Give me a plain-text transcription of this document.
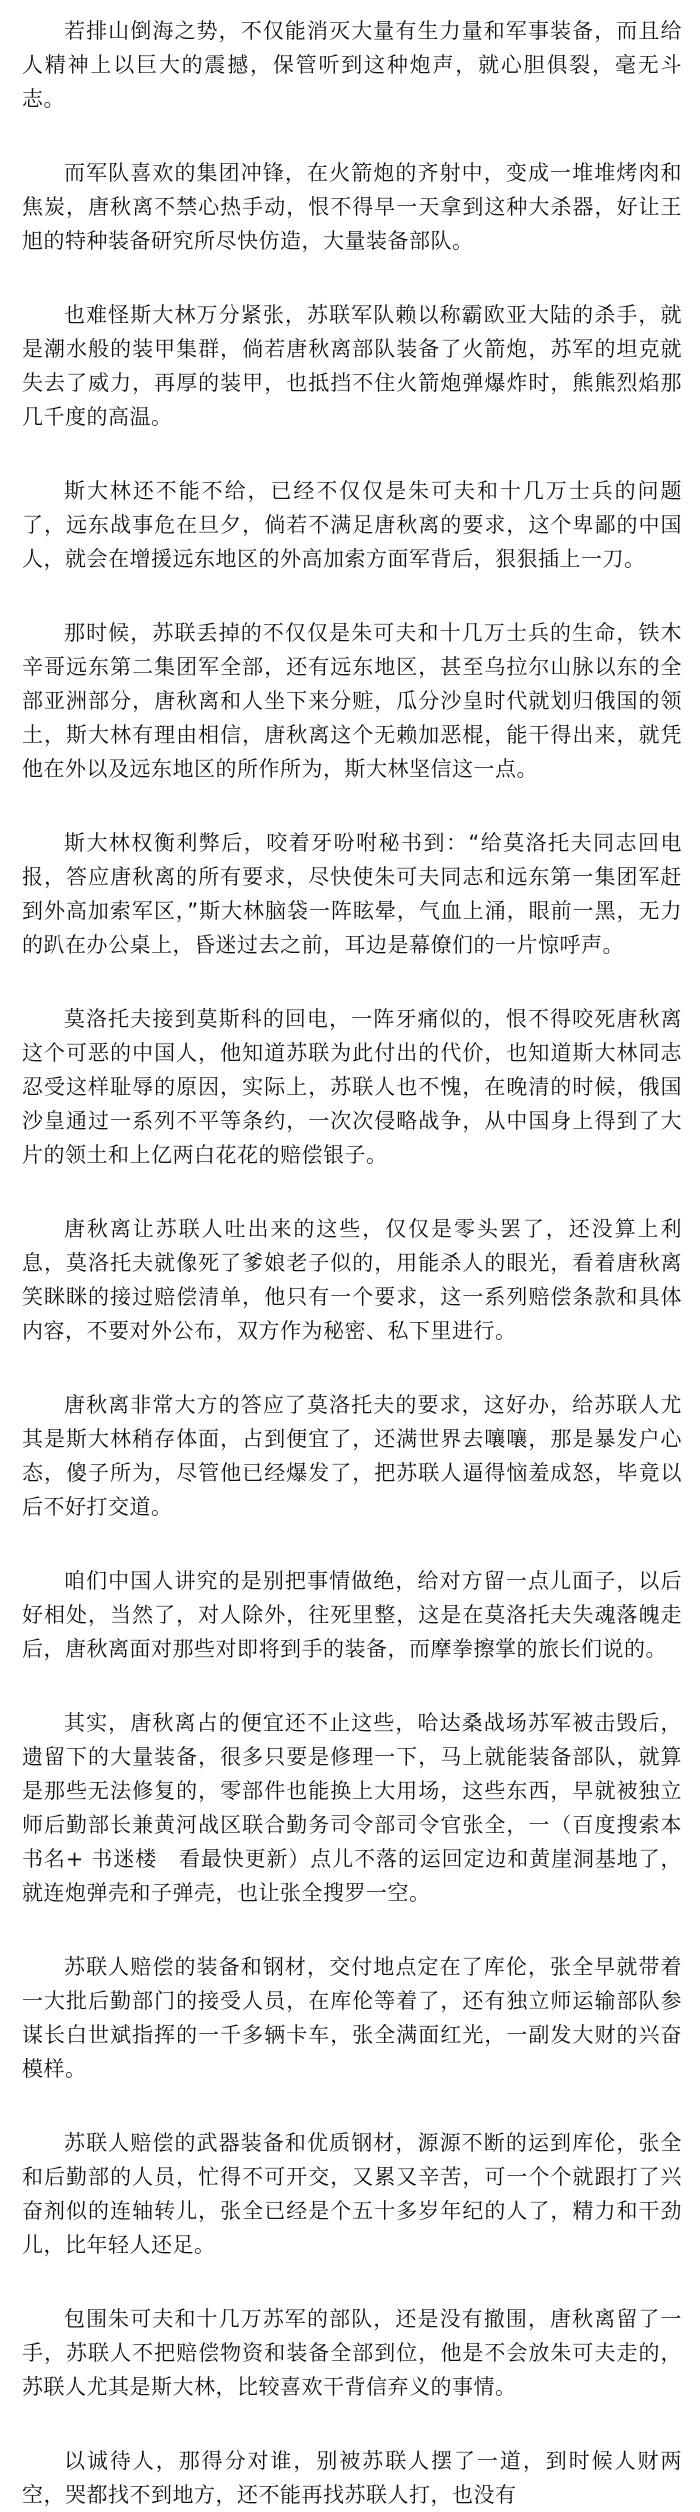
若排山倒海之势，不仅能消灭大量有生力量和军事装备，而且给人精神上以巨大的震撼，保管听到这种炮声，就心胆俱裂，毫无斗志。

而军队喜欢的集团冲锋，在火箭炮的齐射中，变成一堆堆烤肉和焦炭，唐秋离不禁心热手动，恨不得早一天拿到这种大杀器，好让王旭的特种装备研究所尽快仿造，大量装备部队。

也难怪斯大林万分紧张，苏联军队赖以称霸欧亚大陆的杀手，就是潮水般的装甲集群，倘若唐秋离部队装备了火箭炮，苏军的坦克就失去了威力，再厚的装甲，也抵挡不住火箭炮弹爆炸时，熊熊烈焰那几千度的高温。

斯大林还不能不给，已经不仅仅是朱可夫和十几万士兵的问题了，远东战事危在旦夕，倘若不满足唐秋离的要求，这个卑鄙的中国人，就会在增援远东地区的外高加索方面军背后，狠狠插上一刀。

那时候，苏联丢掉的不仅仅是朱可夫和十几万士兵的生命，铁木辛哥远东第二集团军全部，还有远东地区，甚至乌拉尔山脉以东的全部亚洲部分，唐秋离和人坐下来分赃，瓜分沙皇时代就划归俄国的领土，斯大林有理由相信，唐秋离这个无赖加恶棍，能干得出来，就凭他在外以及远东地区的所作所为，斯大林坚信这一点。

斯大林权衡利弊后，咬着牙吩咐秘书到：“给莫洛托夫同志回电报，答应唐秋离的所有要求，尽快使朱可夫同志和远东第一集团军赶到外高加索军区，”斯大林脑袋一阵眩晕，气血上涌，眼前一黑，无力的趴在办公桌上，昏迷过去之前，耳边是幕僚们的一片惊呼声。

莫洛托夫接到莫斯科的回电，一阵牙痛似的，恨不得咬死唐秋离这个可恶的中国人，他知道苏联为此付出的代价，也知道斯大林同志忍受这样耻辱的原因，实际上，苏联人也不愧，在晚清的时候，俄国沙皇通过一系列不平等条约，一次次侵略战争，从中国身上得到了大片的领土和上亿两白花花的赔偿银子。

唐秋离让苏联人吐出来的这些，仅仅是零头罢了，还没算上利息，莫洛托夫就像死了爹娘老子似的，用能杀人的眼光，看着唐秋离笑眯眯的接过赔偿清单，他只有一个要求，这一系列赔偿条款和具体内容，不要对外公布，双方作为秘密、私下里进行。

唐秋离非常大方的答应了莫洛托夫的要求，这好办，给苏联人尤其是斯大林稍存体面，占到便宜了，还满世界去嚷嚷，那是暴发户心态，傻子所为，尽管他已经爆发了，把苏联人逼得恼羞成怒，毕竟以后不好打交道。

咱们中国人讲究的是别把事情做绝，给对方留一点儿面子，以后好相处，当然了，对人除外，往死里整，这是在莫洛托夫失魂落魄走后，唐秋离面对那些对即将到手的装备，而摩拳擦掌的旅长们说的。

其实，唐秋离占的便宜还不止这些，哈达桑战场苏军被击毁后，遗留下的大量装备，很多只要是修理一下，马上就能装备部队，就算是那些无法修复的，零部件也能换上大用场，这些东西，早就被独立师后勤部长兼黄河战区联合勤务司令部司令官张全，一（百度搜索本书名+ 书迷楼　看最快更新）点儿不落的运回定边和黄崖洞基地了，就连炮弹壳和子弹壳，也让张全搜罗一空。

苏联人赔偿的装备和钢材，交付地点定在了库伦，张全早就带着一大批后勤部门的接受人员，在库伦等着了，还有独立师运输部队参谋长白世斌指挥的一千多辆卡车，张全满面红光，一副发大财的兴奋模样。

苏联人赔偿的武器装备和优质钢材，源源不断的运到库伦，张全和后勤部的人员，忙得不可开交，又累又辛苦，可一个个就跟打了兴奋剂似的连轴转儿，张全已经是个五十多岁年纪的人了，精力和干劲儿，比年轻人还足。

包围朱可夫和十几万苏军的部队，还是没有撤围，唐秋离留了一手，苏联人不把赔偿物资和装备全部到位，他是不会放朱可夫走的，苏联人尤其是斯大林，比较喜欢干背信弃义的事情。

以诚待人，那得分对谁，别被苏联人摆了一道，到时候人财两空，哭都找不到地方，还不能再找苏联人打，也没有
